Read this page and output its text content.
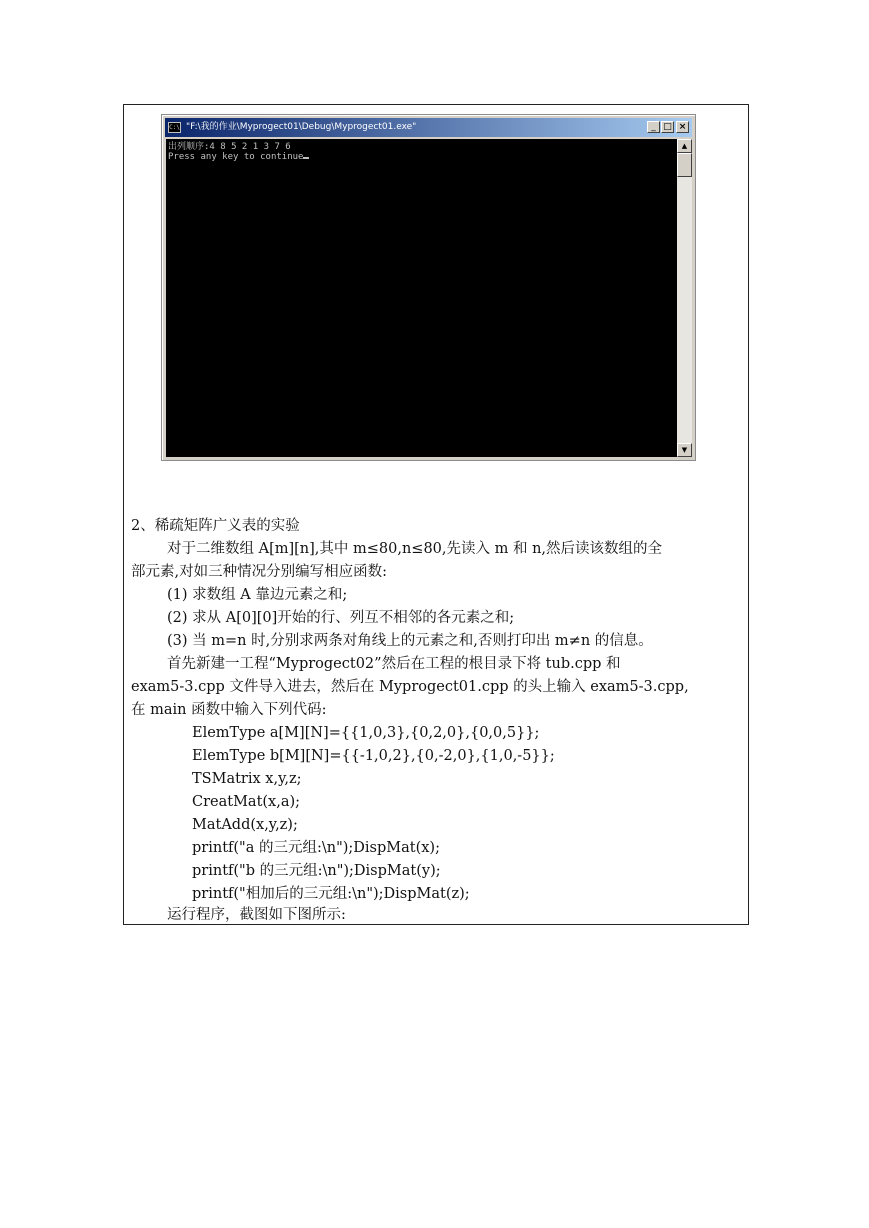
C:\ "F:\我的作业\Myprogect01\Debug\Myprogect01.exe"	_ □ ×
出列顺序:4 8 5 2 1 3 7 6
Press any key to continue
▲
▼
2、稀疏矩阵广义表的实验
对于二维数组 A[m][n],其中 m≤80,n≤80,先读入 m 和 n,然后读该数组的全
部元素,对如三种情况分别编写相应函数:
(1) 求数组 A 靠边元素之和;
(2) 求从 A[0][0]开始的行、列互不相邻的各元素之和;
(3) 当 m=n 时,分别求两条对角线上的元素之和,否则打印出 m≠n 的信息。
首先新建一工程“Myprogect02”然后在工程的根目录下将 tub.cpp 和
exam5-3.cpp 文件导入进去，然后在 Myprogect01.cpp 的头上输入 exam5-3.cpp,
在 main 函数中输入下列代码:
ElemType a[M][N]={{1,0,3},{0,2,0},{0,0,5}};
ElemType b[M][N]={{-1,0,2},{0,-2,0},{1,0,-5}};
TSMatrix x,y,z;
CreatMat(x,a);
MatAdd(x,y,z);
printf("a 的三元组:\n");DispMat(x);
printf("b 的三元组:\n");DispMat(y);
printf("相加后的三元组:\n");DispMat(z);
运行程序，截图如下图所示:
